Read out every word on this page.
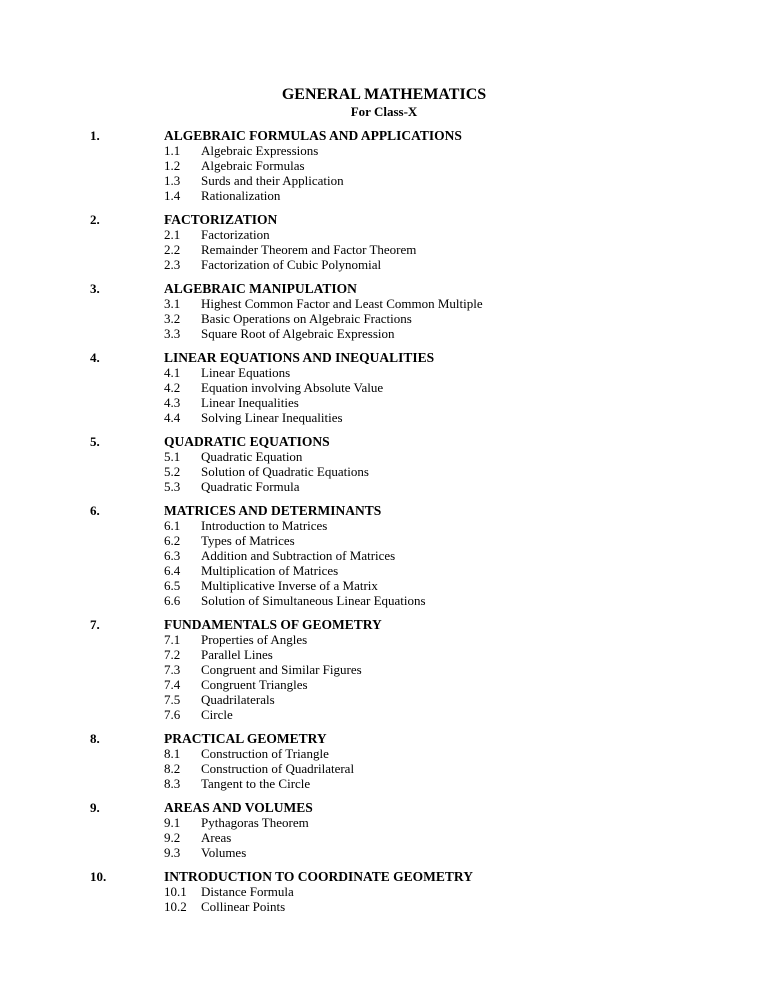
GENERAL MATHEMATICS
For Class-X
1.	ALGEBRAIC FORMULAS AND APPLICATIONS
1.1 Algebraic Expressions
1.2 Algebraic Formulas
1.3 Surds and their Application
1.4 Rationalization
2.	FACTORIZATION
2.1 Factorization
2.2 Remainder Theorem and Factor Theorem
2.3 Factorization of Cubic Polynomial
3.	ALGEBRAIC MANIPULATION
3.1 Highest Common Factor and Least Common Multiple
3.2 Basic Operations on Algebraic Fractions
3.3 Square Root of Algebraic Expression
4.	LINEAR EQUATIONS AND INEQUALITIES
4.1 Linear Equations
4.2 Equation involving Absolute Value
4.3 Linear Inequalities
4.4 Solving Linear Inequalities
5.	QUADRATIC EQUATIONS
5.1 Quadratic Equation
5.2 Solution of Quadratic Equations
5.3 Quadratic Formula
6.	MATRICES AND DETERMINANTS
6.1 Introduction to Matrices
6.2 Types of Matrices
6.3 Addition and Subtraction of Matrices
6.4 Multiplication of Matrices
6.5 Multiplicative Inverse of a Matrix
6.6 Solution of Simultaneous Linear Equations
7.	FUNDAMENTALS OF GEOMETRY
7.1 Properties of Angles
7.2 Parallel Lines
7.3 Congruent and Similar Figures
7.4 Congruent Triangles
7.5 Quadrilaterals
7.6 Circle
8.	PRACTICAL GEOMETRY
8.1 Construction of Triangle
8.2 Construction of Quadrilateral
8.3 Tangent to the Circle
9.	AREAS AND VOLUMES
9.1 Pythagoras Theorem
9.2 Areas
9.3 Volumes
10.	INTRODUCTION TO COORDINATE GEOMETRY
10.1 Distance Formula
10.2 Collinear Points
